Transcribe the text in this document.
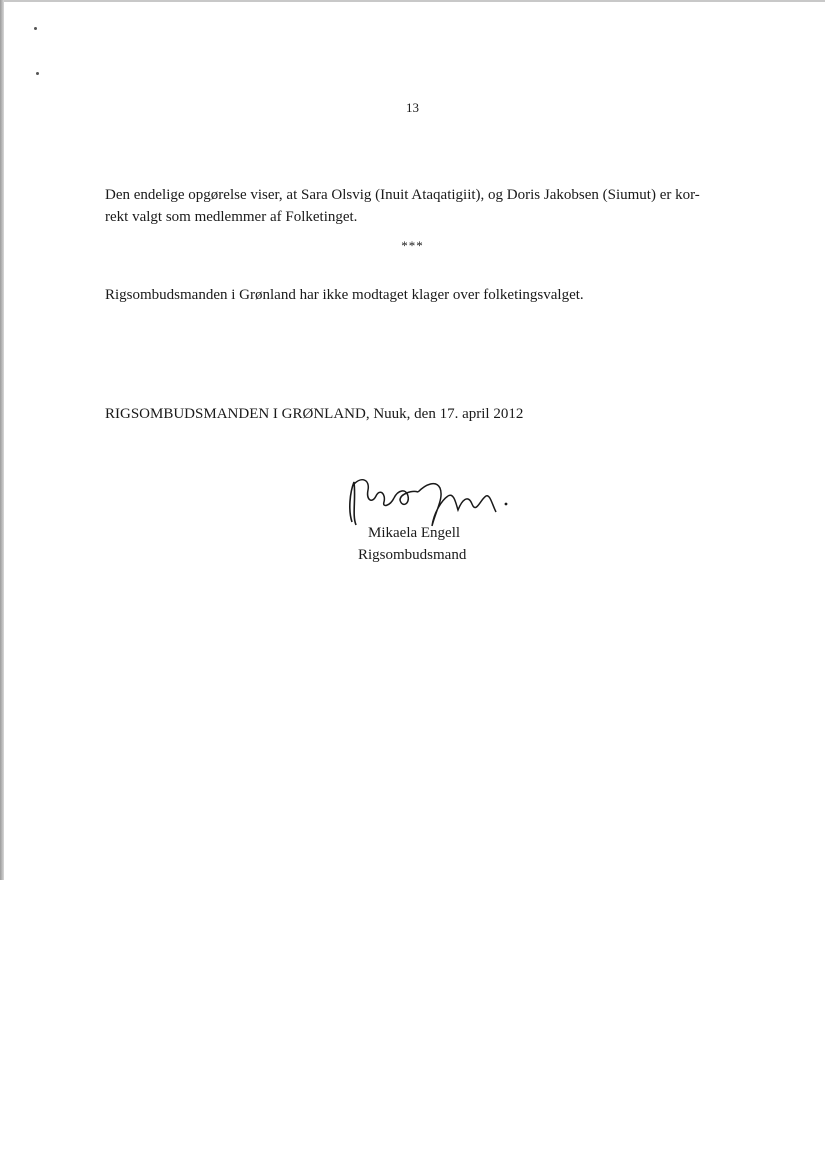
13

Den endelige opgørelse viser, at Sara Olsvig (Inuit Ataqatigiit), og Doris Jakobsen (Siumut) er kor-
rekt valgt som medlemmer af Folketinget.

***

Rigsombudsmanden i Grønland har ikke modtaget klager over folketingsvalget.

RIGSOMBUDSMANDEN I GRØNLAND, Nuuk, den 17. april 2012
Mikaela Engell
Rigsombudsmand
